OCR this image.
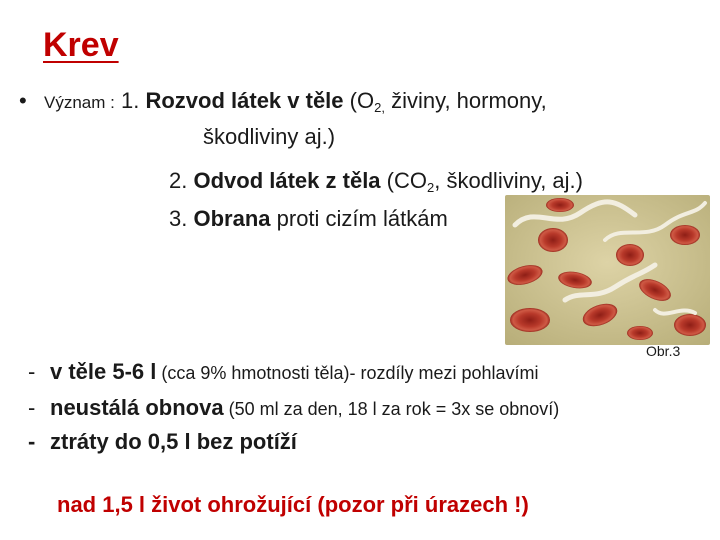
Krev
• Význam : 1. Rozvod látek v těle ($O_{2,}$ živiny, hormony,
škodliviny aj.)
2. Odvod látek z těla ($CO_2$, škodliviny, aj.)
3. Obrana proti cizím látkám
Obr.3
- v těle 5-6 l (cca 9% hmotnosti těla)- rozdíly mezi pohlavími
- neustálá obnova (50 ml za den, 18 l za rok = 3x se obnoví)
- ztráty do 0,5 l bez potíží
nad 1,5 l život ohrožující (pozor při úrazech !)
